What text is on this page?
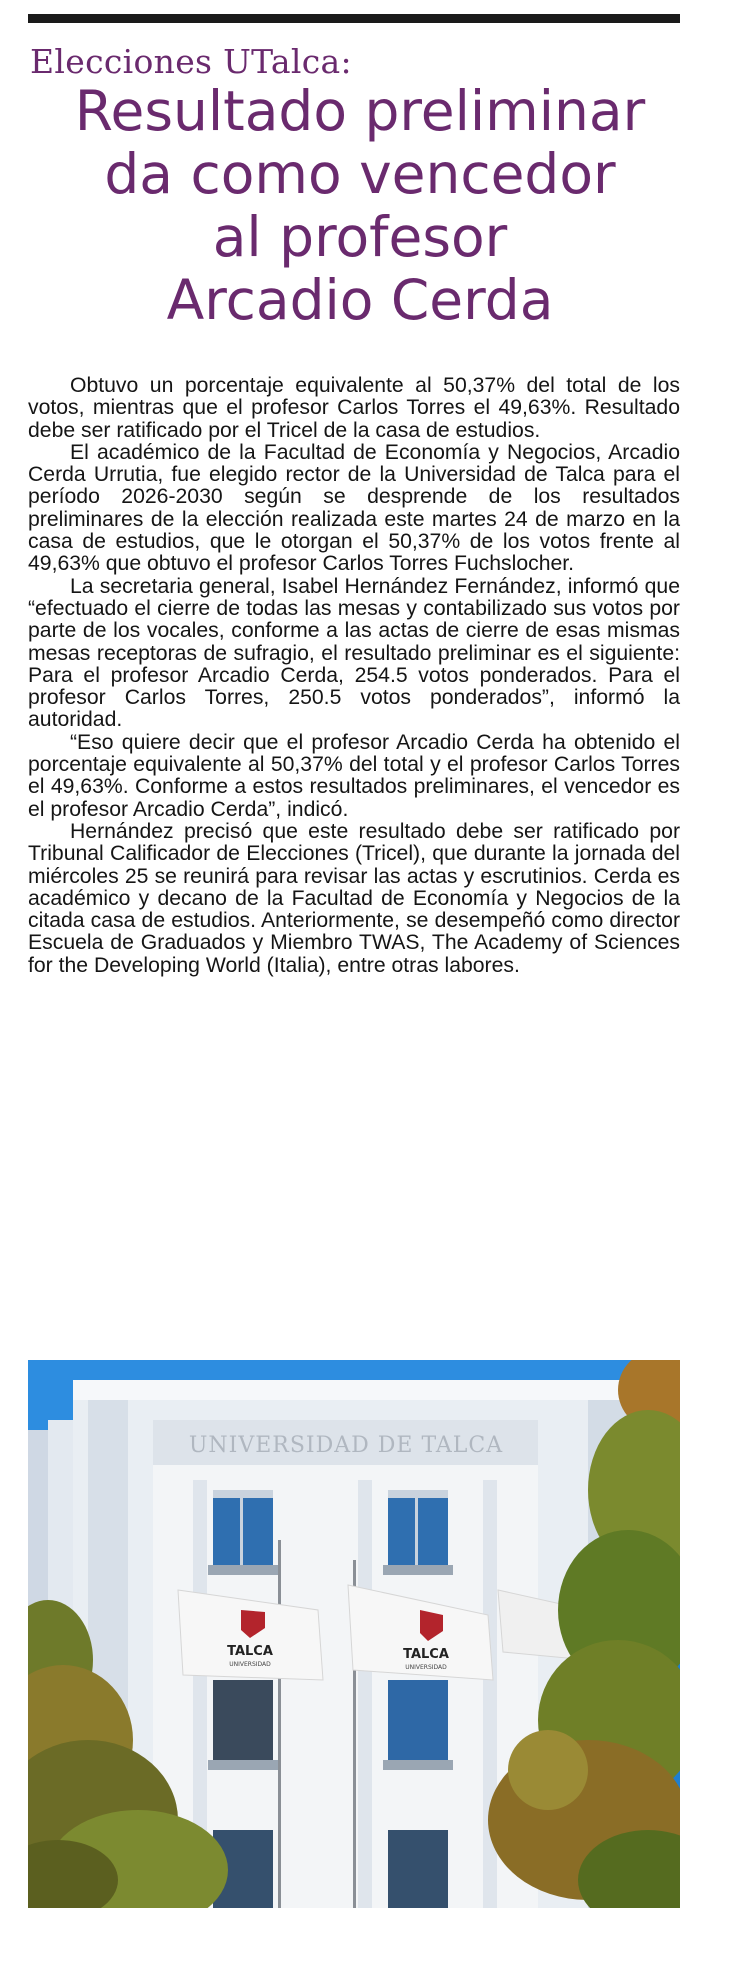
Elecciones UTalca:
Resultado preliminar
da como vencedor
al profesor
Arcadio Cerda

Obtuvo un porcentaje equivalente al 50,37% del total de los votos, mientras que el profesor Carlos Torres el 49,63%. Resultado debe ser ratificado por el Tricel de la casa de estudios.

El académico de la Facultad de Economía y Negocios, Arcadio Cerda Urrutia, fue elegido rector de la Universidad de Talca para el período 2026-2030 según se desprende de los resultados preliminares de la elección realizada este martes 24 de marzo en la casa de estudios, que le otorgan el 50,37% de los votos frente al 49,63% que obtuvo el profesor Carlos Torres Fuchslocher.

La secretaria general, Isabel Hernández Fernández, informó que “efectuado el cierre de todas las mesas y contabilizado sus votos por parte de los vocales, conforme a las actas de cierre de esas mismas mesas receptoras de sufragio, el resultado preliminar es el siguiente: Para el profesor Arcadio Cerda, 254.5 votos ponderados. Para el profesor Carlos Torres, 250.5 votos ponderados”, informó la autoridad.

“Eso quiere decir que el profesor Arcadio Cerda ha obtenido el porcentaje equivalente al 50,37% del total y el profesor Carlos Torres el 49,63%. Conforme a estos resultados preliminares, el vencedor es el profesor Arcadio Cerda”, indicó.

Hernández precisó que este resultado debe ser ratificado por Tribunal Calificador de Elecciones (Tricel), que durante la jornada del miércoles 25 se reunirá para revisar las actas y escrutinios. Cerda es académico y decano de la Facultad de Economía y Negocios de la citada casa de estudios. Anteriormente, se desempeñó como director Escuela de Graduados y Miembro TWAS, The Academy of Sciences for the Developing World (Italia), entre otras labores.

UNIVERSIDAD DE TALCA
TALCA
UNIVERSIDAD
TALCA
UNIVERSIDAD
